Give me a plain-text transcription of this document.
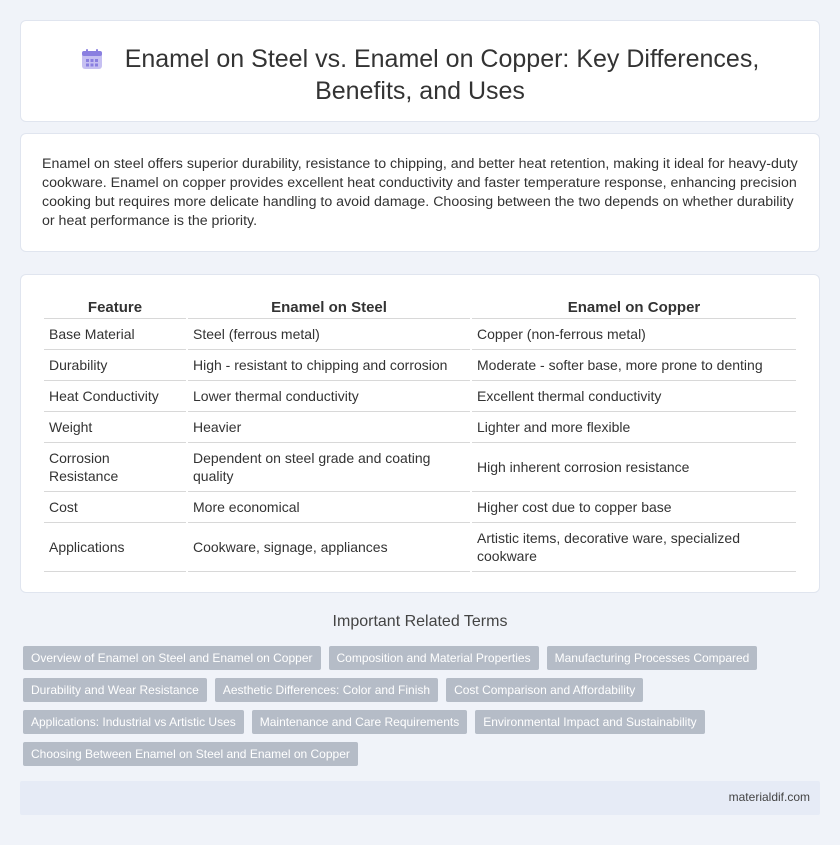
Enamel on Steel vs. Enamel on Copper: Key Differences, Benefits, and Uses

Enamel on steel offers superior durability, resistance to chipping, and better heat retention, making it ideal for heavy-duty cookware. Enamel on copper provides excellent heat conductivity and faster temperature response, enhancing precision cooking but requires more delicate handling to avoid damage. Choosing between the two depends on whether durability or heat performance is the priority.

Feature	Enamel on Steel	Enamel on Copper
Base Material	Steel (ferrous metal)	Copper (non-ferrous metal)
Durability	High - resistant to chipping and corrosion	Moderate - softer base, more prone to denting
Heat Conductivity	Lower thermal conductivity	Excellent thermal conductivity
Weight	Heavier	Lighter and more flexible
Corrosion Resistance	Dependent on steel grade and coating quality	High inherent corrosion resistance
Cost	More economical	Higher cost due to copper base
Applications	Cookware, signage, appliances	Artistic items, decorative ware, specialized cookware
Important Related Terms
Overview of Enamel on Steel and Enamel on Copper	Composition and Material Properties	Manufacturing Processes Compared
Durability and Wear Resistance	Aesthetic Differences: Color and Finish	Cost Comparison and Affordability
Applications: Industrial vs Artistic Uses	Maintenance and Care Requirements	Environmental Impact and Sustainability
Choosing Between Enamel on Steel and Enamel on Copper
materialdif.com
